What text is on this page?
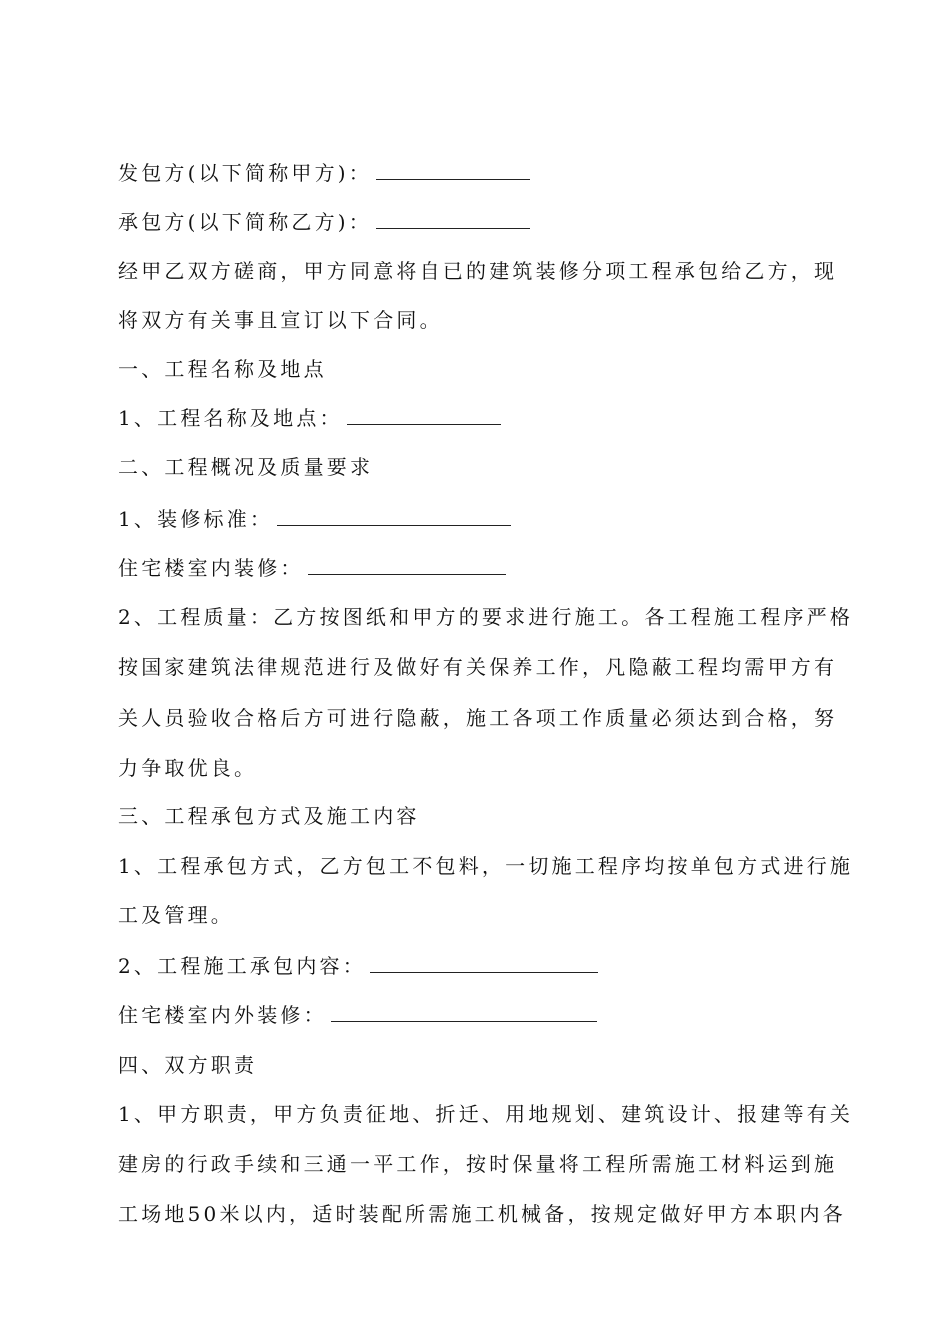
发包方(以下简称甲方)：
承包方(以下简称乙方)：
经甲乙双方磋商，甲方同意将自已的建筑装修分项工程承包给乙方，现
将双方有关事且宣订以下合同。
一、工程名称及地点
1、工程名称及地点：
二、工程概况及质量要求
1、装修标准：
住宅楼室内装修：
2、工程质量：乙方按图纸和甲方的要求进行施工。各工程施工程序严格
按国家建筑法律规范进行及做好有关保养工作，凡隐蔽工程均需甲方有
关人员验收合格后方可进行隐蔽，施工各项工作质量必须达到合格，努
力争取优良。
三、工程承包方式及施工内容
1、工程承包方式，乙方包工不包料，一切施工程序均按单包方式进行施
工及管理。
2、工程施工承包内容：
住宅楼室内外装修：
四、双方职责
1、甲方职责，甲方负责征地、折迁、用地规划、建筑设计、报建等有关
建房的行政手续和三通一平工作，按时保量将工程所需施工材料运到施
工场地50米以内，适时装配所需施工机械备，按规定做好甲方本职内各
